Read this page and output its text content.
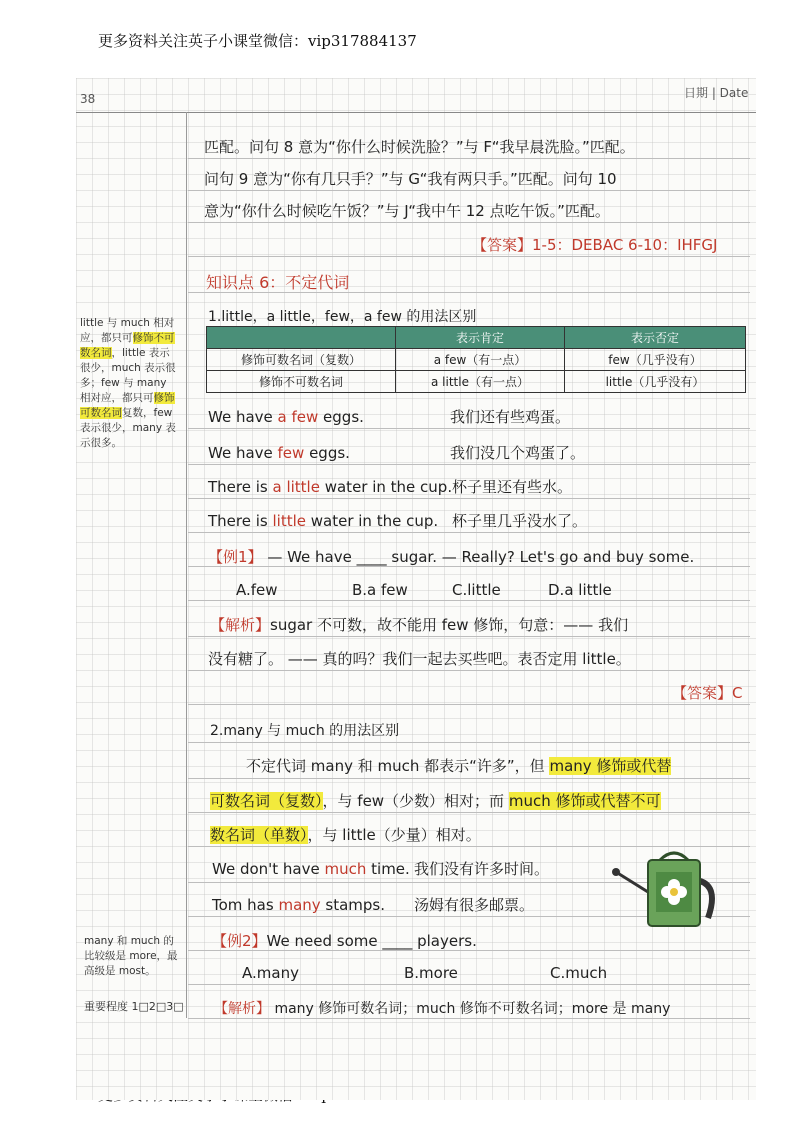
更多资料关注英子小课堂微信：vip317884137
38	日期 | Date
匹配。问句 8 意为“你什么时候洗脸？”与 F“我早晨洗脸。”匹配。
问句 9 意为“你有几只手？”与 G“我有两只手。”匹配。问句 10
意为“你什么时候吃午饭？”与 J“我中午 12 点吃午饭。”匹配。
【答案】1-5：DEBAC 6-10：IHFGJ
知识点 6：不定代词
1.little，a little，few，a few 的用法区别
	表示肯定	表示否定
修饰可数名词（复数）	a few（有一点）	few（几乎没有）
修饰不可数名词	a little（有一点）	little（几乎没有）
We have a few eggs.	我们还有些鸡蛋。
We have few eggs.	我们没几个鸡蛋了。
There is a little water in the cup. 杯子里还有些水。
There is little water in the cup. 杯子里几乎没水了。
【例1】 — We have ____ sugar. — Really? Let's go and buy some.
A.few	B.a few	C.little	D.a little
【解析】sugar 不可数，故不能用 few 修饰，句意：—— 我们
没有糖了。 —— 真的吗？我们一起去买些吧。表否定用 little。
【答案】C
2.many 与 much 的用法区别
不定代词 many 和 much 都表示“许多”，但 many 修饰或代替
可数名词（复数），与 few（少数）相对；而 much 修饰或代替不可
数名词（单数），与 little（少量）相对。
We don't have much time. 我们没有许多时间。
Tom has many stamps. 汤姆有很多邮票。
【例2】We need some ____ players.
A.many	B.more	C.much
【解析】 many 修饰可数名词；much 修饰不可数名词；more 是 many
little 与 much 相对应，都只可修饰不可数名词，little 表示很少，much 表示很多；few 与 many 相对应，都只可修饰可数名词复数，few 表示很少，many 表示很多。
many 和 much 的比较级是 more，最高级是 most。
重要程度 1□2□3□
